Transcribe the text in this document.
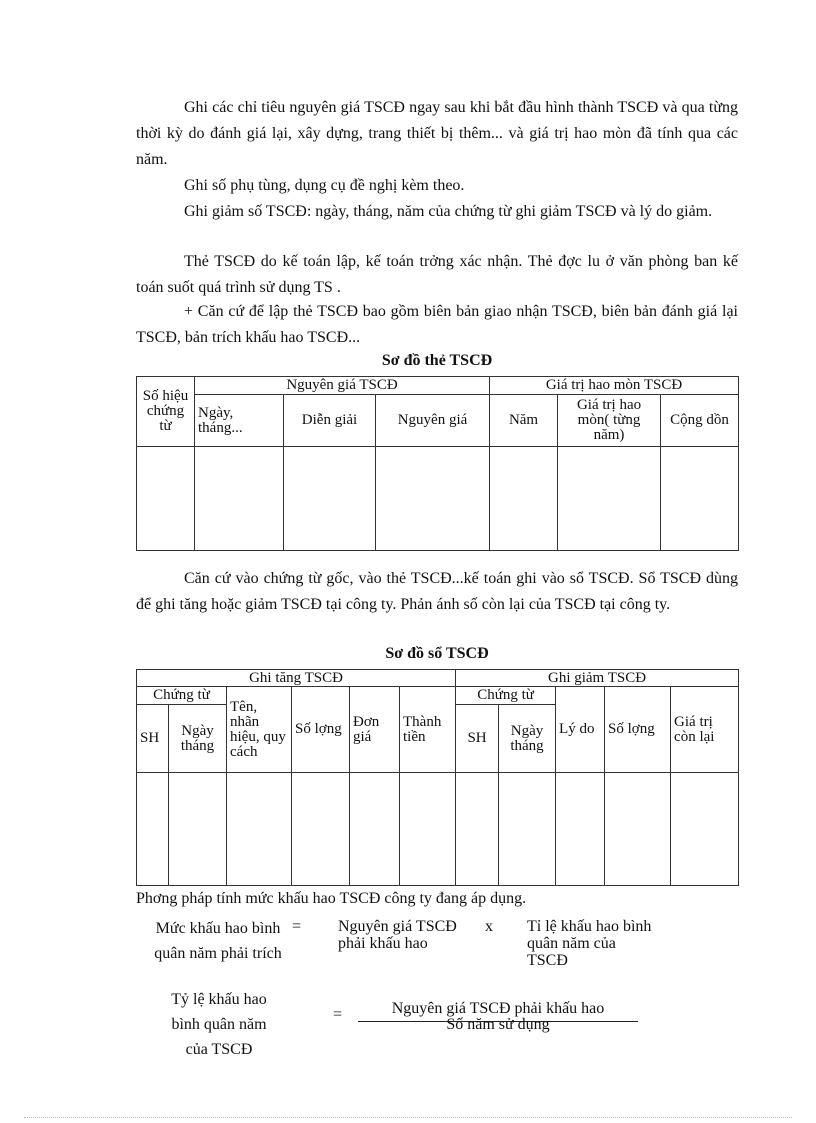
Ghi các chỉ tiêu nguyên giá TSCĐ ngay sau khi bắt đầu hình thành TSCĐ và qua từng thời kỳ do đánh giá lại, xây dựng, trang thiết bị thêm... và giá trị hao mòn đã tính qua các năm.

Ghi số phụ tùng, dụng cụ đề nghị kèm theo.

Ghi giảm số TSCĐ: ngày, tháng, năm của chứng từ ghi giảm TSCĐ và lý do giảm.

Thẻ TSCĐ do kế toán lập, kế toán trởng xác nhận. Thẻ đợc lu ở văn phòng ban kế toán suốt quá trình sử dụng TS .

+ Căn cứ để lập thẻ TSCĐ bao gồm biên bản giao nhận TSCĐ, biên bản đánh giá lại TSCĐ, bản trích khấu hao TSCĐ...

Sơ đồ thẻ TSCĐ

Số hiệu chứng từ	Nguyên giá TSCĐ			Giá trị hao mòn TSCĐ		
	Ngày, tháng...	Diễn giải	Nguyên giá	Năm	Giá trị hao mòn( từng năm)	Cộng dồn

Căn cứ vào chứng từ gốc, vào thẻ TSCĐ...kế toán ghi vào sổ TSCĐ. Sổ TSCĐ dùng để ghi tăng hoặc giảm TSCĐ tại công ty. Phản ánh số còn lại của TSCĐ tại công ty.

Sơ đồ sổ TSCĐ

Ghi tăng TSCĐ						Ghi giảm TSCĐ				
Chứng từ		Tên, nhãn hiệu, quy cách	Số lợng	Đơn giá	Thành tiền	Chứng từ		Lý do	Số lợng	Giá trị còn lại
SH	Ngày tháng					SH	Ngày tháng			

Phơng pháp tính mức khấu hao TSCĐ công ty đang áp dụng.

Mức khấu hao bình quân năm phải trích

= Nguyên giá TSCĐ phải khấu hao

x Tỉ lệ khấu hao bình quân năm của TSCĐ

Tỷ lệ khấu hao bình quân năm của TSCĐ

=	Nguyên giá TSCĐ phải khấu hao

Số năm sử dụng
